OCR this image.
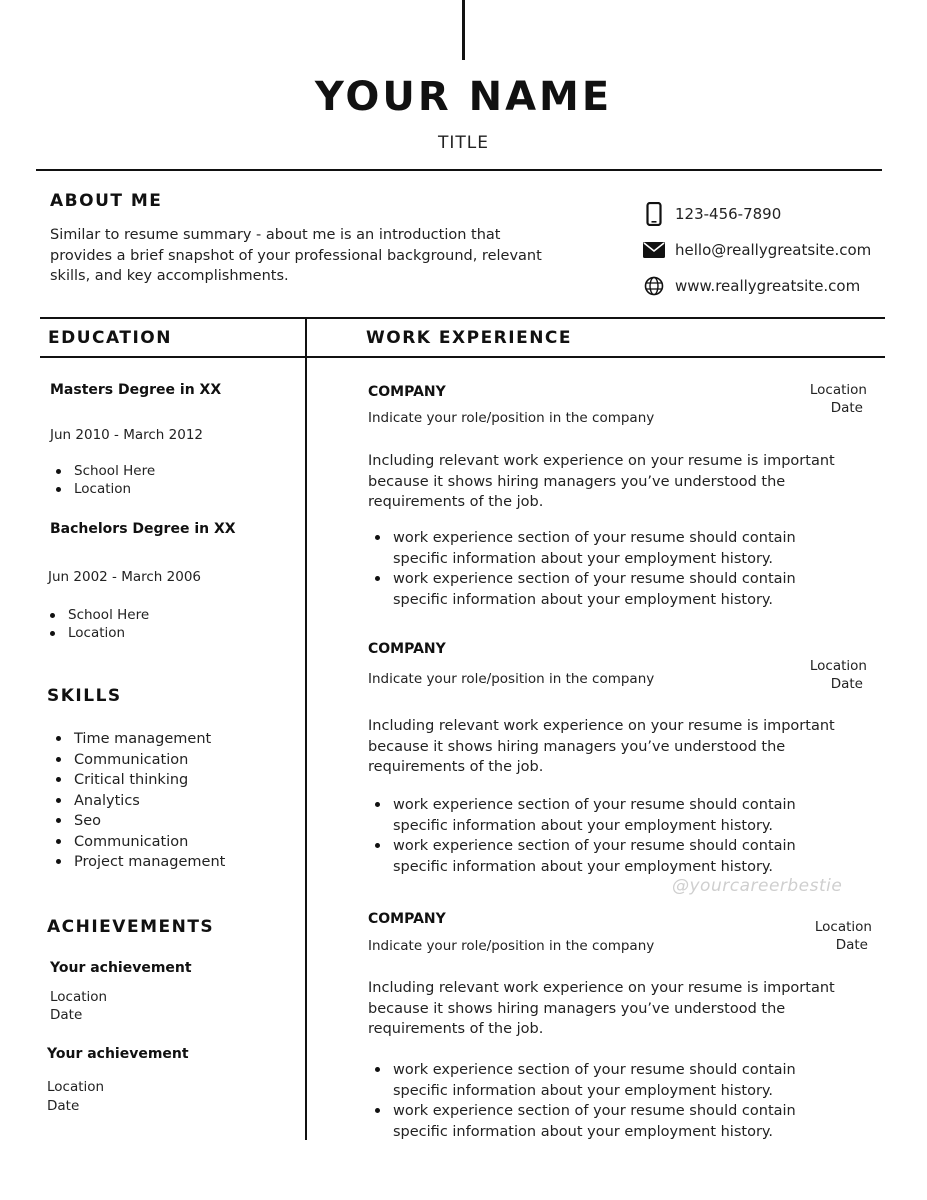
YOUR NAME
TITLE
ABOUT ME
Similar to resume summary - about me is an introduction that provides a brief snapshot of your professional background, relevant skills, and key accomplishments.
123-456-7890
hello@reallygreatsite.com
www.reallygreatsite.com
EDUCATION
Masters Degree in XX
Jun 2010 - March 2012
School Here
Location
Bachelors Degree in XX
Jun 2002 - March 2006
School Here
Location
SKILLS
Time management
Communication
Critical thinking
Analytics
Seo
Communication
Project management
ACHIEVEMENTS
Your achievement
Location
Date
Your achievement
Location
Date
WORK EXPERIENCE
COMPANY
Indicate your role/position in the company
Location
Date
Including relevant work experience on your resume is important because it shows hiring managers you’ve understood the requirements of the job.
work experience section of your resume should contain specific information about your employment history.
work experience section of your resume should contain specific information about your employment history.
COMPANY
Indicate your role/position in the company
Location
Date
Including relevant work experience on your resume is important because it shows hiring managers you’ve understood the requirements of the job.
work experience section of your resume should contain specific information about your employment history.
work experience section of your resume should contain specific information about your employment history.
@yourcareerbestie
COMPANY
Indicate your role/position in the company
Location
Date
Including relevant work experience on your resume is important because it shows hiring managers you’ve understood the requirements of the job.
work experience section of your resume should contain specific information about your employment history.
work experience section of your resume should contain specific information about your employment history.
